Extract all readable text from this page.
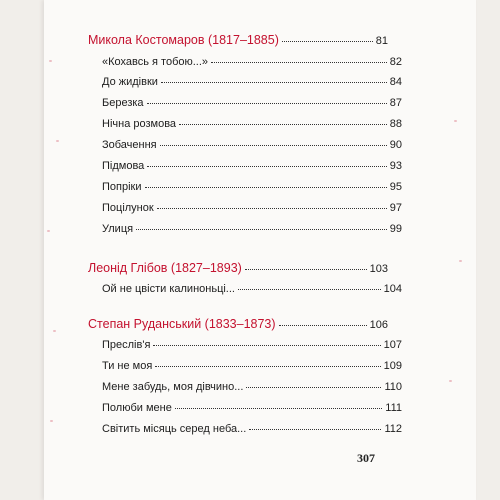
Микола Костомаров (1817–1885)	81
«Кохавсь я тобою...»	82
До жидівки	84
Березка	87
Нічна розмова	88
Зобачення	90
Підмова	93
Попріки	95
Поцілунок	97
Улиця	99
Леонід Глібов (1827–1893)	103
Ой не цвісти калиноньці...	104
Степан Руданський (1833–1873)	106
Преслів'я	107
Ти не моя	109
Мене забудь, моя дівчино...	110
Полюби мене	111
Світить місяць серед неба...	112
307
